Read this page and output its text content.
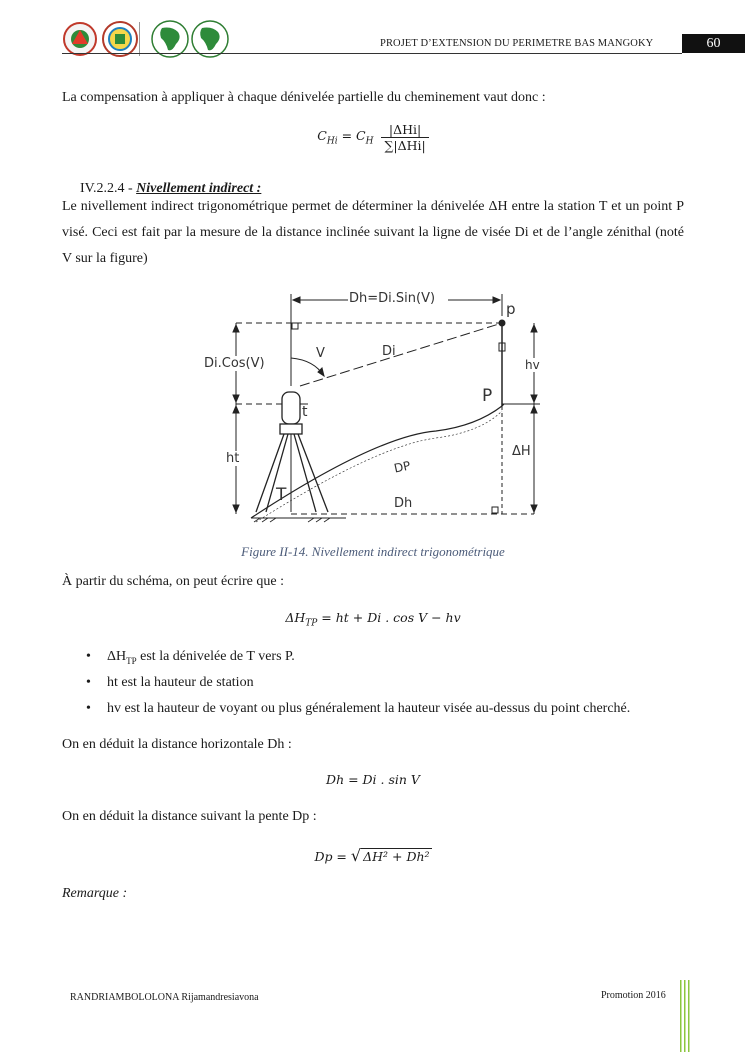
PROJET D’EXTENSION DU PERIMETRE BAS MANGOKY	60
La compensation à appliquer à chaque dénivelée partielle du cheminement vaut donc :
$C_{Hi} = C_H$
|ΔHi|
∑|ΔHi|
IV.2.2.4 - Nivellement indirect :
Le nivellement indirect trigonométrique permet de déterminer la dénivelée ΔH entre la station T et un point P visé. Ceci est fait par la mesure de la distance inclinée suivant la ligne de visée Di et de l’angle zénithal (noté V sur la figure)
Dh=Di.Sin(V)
p
V	Di
Di.Cos(V)	hv
t
P
ht	ΔH
DP
T	Dh
Figure II-14. Nivellement indirect trigonométrique
À partir du schéma, on peut écrire que :
$\Delta H_{TP}$ = ht + Di . cos V − hv
• $\Delta H_{TP}$ est la dénivelée de T vers P.
• ht est la hauteur de station
• hv est la hauteur de voyant ou plus généralement la hauteur visée au-dessus du point cherché.
On en déduit la distance horizontale Dh :
Dh = Di . sin V
On en déduit la distance suivant la pente Dp :
Dp = √ ΔH² + Dh²
Remarque :
RANDRIAMBOLOLONA Rijamandresiavona	Promotion 2016
